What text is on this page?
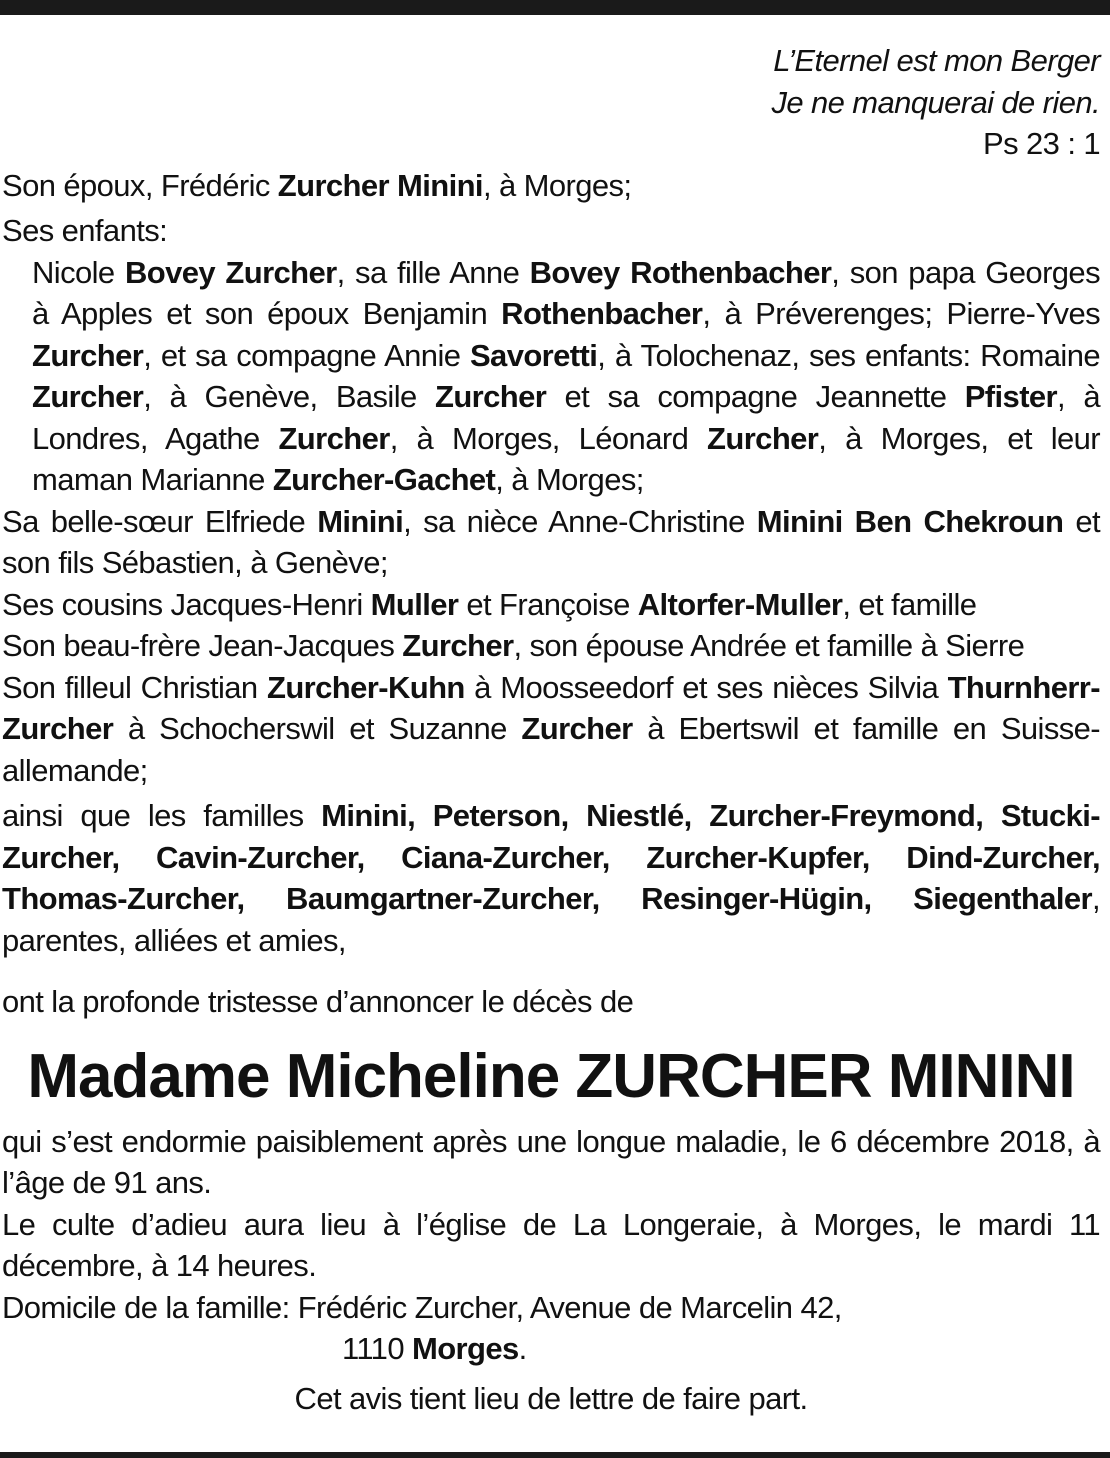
L’Eternel est mon Berger
Je ne manquerai de rien.
Ps 23 : 1

Son époux, Frédéric Zurcher Minini, à Morges;

Ses enfants:

Nicole Bovey Zurcher, sa fille Anne Bovey Rothenbacher, son papa Georges à Apples et son époux Benjamin Rothenbacher, à Préverenges; Pierre-Yves Zurcher, et sa compagne Annie Savoretti, à Tolochenaz, ses enfants: Romaine Zurcher, à Genève, Basile Zurcher et sa compagne Jeannette Pfister, à Londres, Agathe Zurcher, à Morges, Léonard Zurcher, à Morges, et leur maman Marianne Zurcher-Gachet, à Morges;

Sa belle-sœur Elfriede Minini, sa nièce Anne-Christine Minini Ben Chekroun et son fils Sébastien, à Genève;

Ses cousins Jacques-Henri Muller et Françoise Altorfer-Muller, et famille

Son beau-frère Jean-Jacques Zurcher, son épouse Andrée et famille à Sierre

Son filleul Christian Zurcher-Kuhn à Moosseedorf et ses nièces Silvia Thurnherr-Zurcher à Schocherswil et Suzanne Zurcher à Ebertswil et famille en Suisse-allemande;

ainsi que les familles Minini, Peterson, Niestlé, Zurcher-Freymond, Stucki-Zurcher, Cavin-Zurcher, Ciana-Zurcher, Zurcher-Kupfer, Dind-Zurcher, Thomas-Zurcher, Baumgartner-Zurcher, Resinger-Hügin, Siegenthaler, parentes, alliées et amies,

ont la profonde tristesse d’annoncer le décès de

Madame Micheline ZURCHER MININI

qui s’est endormie paisiblement après une longue maladie, le 6 décembre 2018, à l’âge de 91 ans.

Le culte d’adieu aura lieu à l’église de La Longeraie, à Morges, le mardi 11 décembre, à 14 heures.

Domicile de la famille: Frédéric Zurcher, Avenue de Marcelin 42,

1110 Morges.

Cet avis tient lieu de lettre de faire part.
